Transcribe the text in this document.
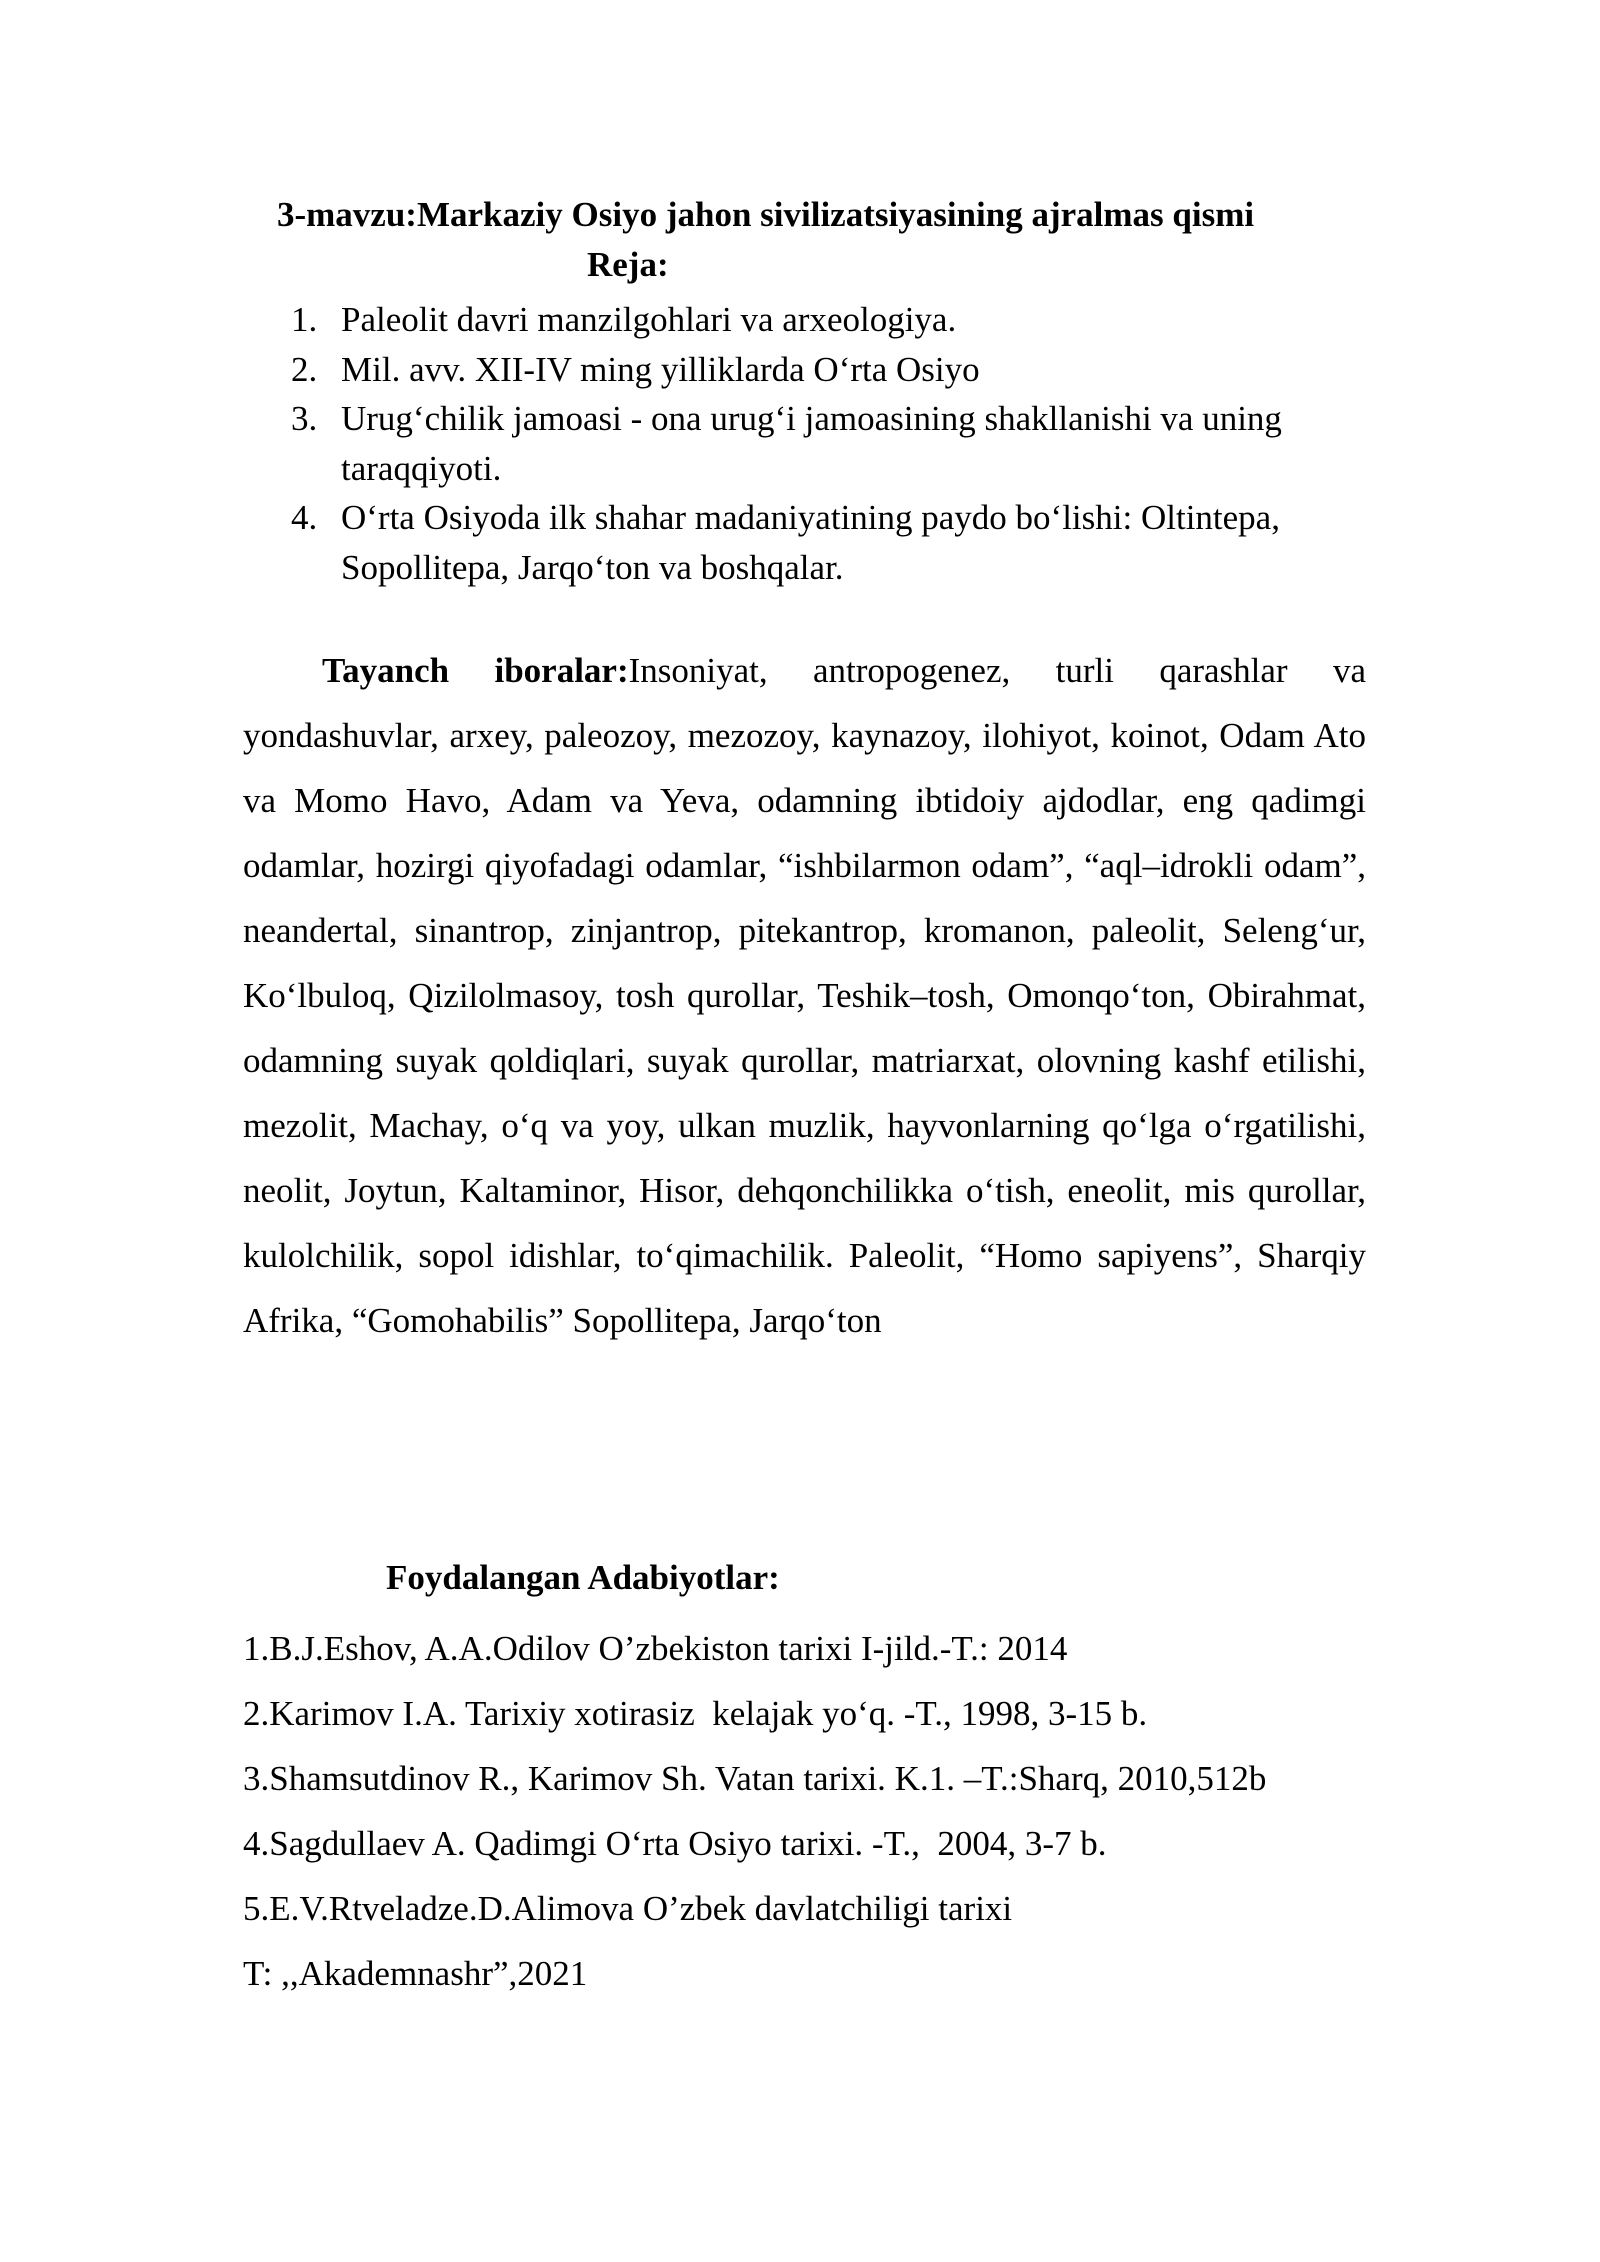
3-mavzu:Markaziy Osiyo jahon sivilizatsiyasining ajralmas qismi
Reja:
1. Paleolit davri manzilgohlari va arxeologiya.
2. Mil. avv. XII-IV ming yilliklarda O‘rta Osiyo
3. Urug‘chilik jamoasi - ona urug‘i jamoasining shakllanishi va uning taraqqiyoti.
4. O‘rta Osiyoda ilk shahar madaniyatining paydo bo‘lishi: Oltintepa, Sopollitepa, Jarqo‘ton va boshqalar.

Tayanch iboralar:Insoniyat, antropogenez, turli qarashlar va yondashuvlar, arxey, paleozoy, mezozoy, kaynazoy, ilohiyot, koinot, Odam Ato va Momo Havo, Adam va Yeva, odamning ibtidoiy ajdodlar, eng qadimgi odamlar, hozirgi qiyofadagi odamlar, “ishbilarmon odam”, “aql–idrokli odam”, neandertal, sinantrop, zinjantrop, pitekantrop, kromanon, paleolit, Seleng‘ur, Ko‘lbuloq, Qizilolmasoy, tosh qurollar, Teshik–tosh, Omonqo‘ton, Obirahmat, odamning suyak qoldiqlari, suyak qurollar, matriarxat, olovning kashf etilishi, mezolit, Machay, o‘q va yoy, ulkan muzlik, hayvonlarning qo‘lga o‘rgatilishi, neolit, Joytun, Kaltaminor, Hisor, dehqonchilikka o‘tish, eneolit, mis qurollar, kulolchilik, sopol idishlar, to‘qimachilik. Paleolit, “Homo sapiyens”, Sharqiy Afrika, “Gomohabilis” Sopollitepa, Jarqo‘ton

Foydalangan Adabiyotlar:
1.B.J.Eshov, A.A.Odilov O’zbekiston tarixi I-jild.-T.: 2014
2.Karimov I.A. Tarixiy xotirasiz  kelajak yo‘q. -T., 1998, 3-15 b.
3.Shamsutdinov R., Karimov Sh. Vatan tarixi. K.1. –T.:Sharq, 2010,512b
4.Sagdullaev A. Qadimgi O‘rta Osiyo tarixi. -T.,  2004, 3-7 b.
5.E.V.Rtveladze.D.Alimova O’zbek davlatchiligi tarixi
T: ,,Akademnashr”,2021
